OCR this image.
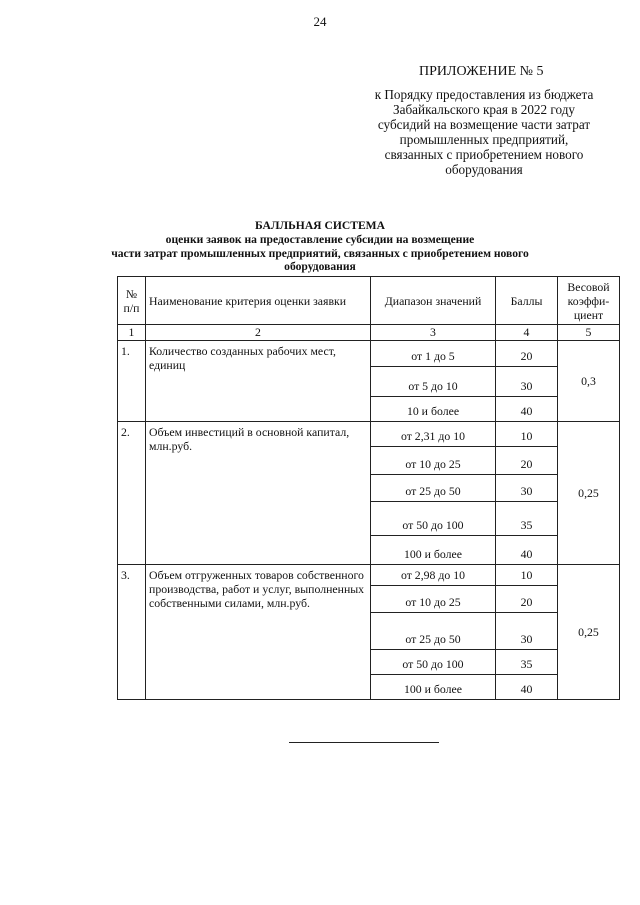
24
ПРИЛОЖЕНИЕ № 5
к Порядку предоставления из бюджета
Забайкальского края в 2022 году
субсидий на возмещение части затрат
промышленных предприятий,
связанных с приобретением нового
оборудования
БАЛЛЬНАЯ СИСТЕМА
оценки заявок на предоставление субсидии на возмещение
части затрат промышленных предприятий, связанных с приобретением нового
оборудования
№ п/п	Наименование критерия оценки заявки	Диапазон значений	Баллы	Весовой коэффи-циент
1	2	3	4	5
1.	Количество созданных рабочих мест, единиц	от 1 до 5	20	0,3
		от 5 до 10	30	
		10 и более	40	
2.	Объем инвестиций в основной капитал, млн.руб.	от 2,31 до 10	10	0,25
		от 10 до 25	20	
		от 25 до 50	30	
		от 50 до 100	35	
		100 и более	40	
3.	Объем отгруженных товаров собственного производства, работ и услуг, выполненных собственными силами, млн.руб.	от 2,98 до 10	10	0,25
		от 10 до 25	20	
		от 25 до 50	30	
		от 50 до 100	35	
		100 и более	40	
